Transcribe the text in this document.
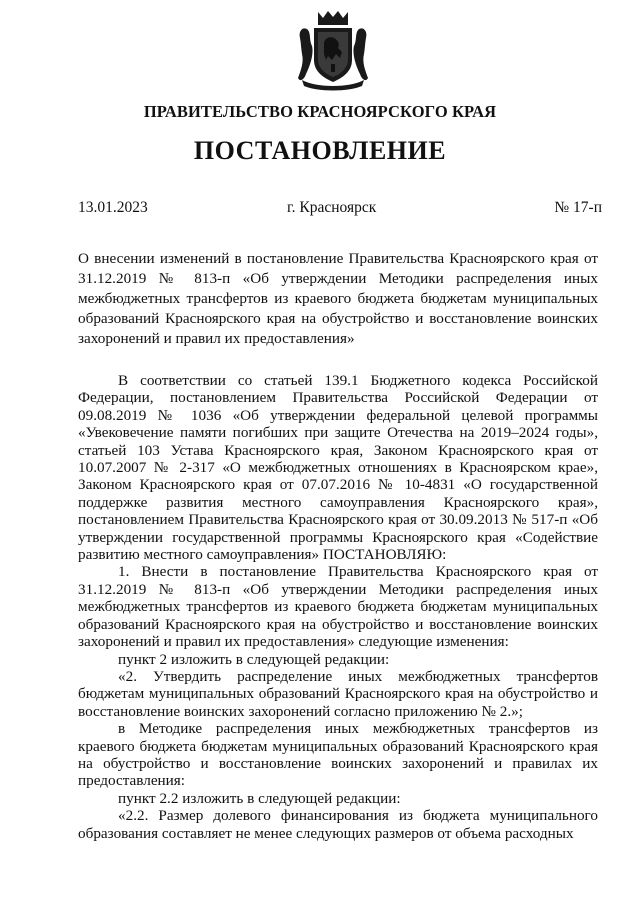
ПРАВИТЕЛЬСТВО КРАСНОЯРСКОГО КРАЯ
ПОСТАНОВЛЕНИЕ
13.01.2023	г. Красноярск	№ 17-п
О внесении изменений в постановление Правительства Красноярского края от 31.12.2019 № 813-п «Об утверждении Методики распределения иных межбюджетных трансфертов из краевого бюджета бюджетам муниципальных образований Красноярского края на обустройство и восстановление воинских захоронений и правил их предоставления»

В соответствии со статьей 139.1 Бюджетного кодекса Российской Федерации, постановлением Правительства Российской Федерации от 09.08.2019 № 1036 «Об утверждении федеральной целевой программы «Увековечение памяти погибших при защите Отечества на 2019–2024 годы», статьей 103 Устава Красноярского края, Законом Красноярского края от 10.07.2007 № 2-317 «О межбюджетных отношениях в Красноярском крае», Законом Красноярского края от 07.07.2016 № 10-4831 «О государственной поддержке развития местного самоуправления Красноярского края», постановлением Правительства Красноярского края от 30.09.2013 № 517-п «Об утверждении государственной программы Красноярского края «Содействие развитию местного самоуправления» ПОСТАНОВЛЯЮ:

1. Внести в постановление Правительства Красноярского края от 31.12.2019 № 813-п «Об утверждении Методики распределения иных межбюджетных трансфертов из краевого бюджета бюджетам муниципальных образований Красноярского края на обустройство и восстановление воинских захоронений и правил их предоставления» следующие изменения:

пункт 2 изложить в следующей редакции:

«2. Утвердить распределение иных межбюджетных трансфертов бюджетам муниципальных образований Красноярского края на обустройство и восстановление воинских захоронений согласно приложению № 2.»;

в Методике распределения иных межбюджетных трансфертов из краевого бюджета бюджетам муниципальных образований Красноярского края на обустройство и восстановление воинских захоронений и правилах их предоставления:

пункт 2.2 изложить в следующей редакции:

«2.2. Размер долевого финансирования из бюджета муниципального образования составляет не менее следующих размеров от объема расходных
